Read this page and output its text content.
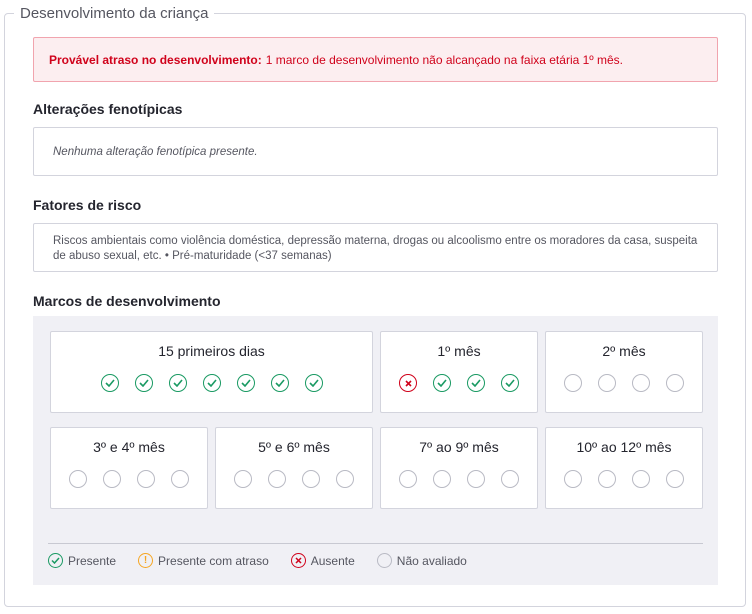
Desenvolvimento da criança
Provável atraso no desenvolvimento: 1 marco de desenvolvimento não alcançado na faixa etária 1º mês.
Alterações fenotípicas
Nenhuma alteração fenotípica presente.
Fatores de risco
Riscos ambientais como violência doméstica, depressão materna, drogas ou alcoolismo entre os moradores da casa, suspeita de abuso sexual, etc. • Pré-maturidade (<37 semanas)
Marcos de desenvolvimento
15 primeiros dias	1º mês	2º mês
3º e 4º mês	5º e 6º mês	7º ao 9º mês	10º ao 12º mês
Presente	! Presente com atraso	Ausente	Não avaliado
